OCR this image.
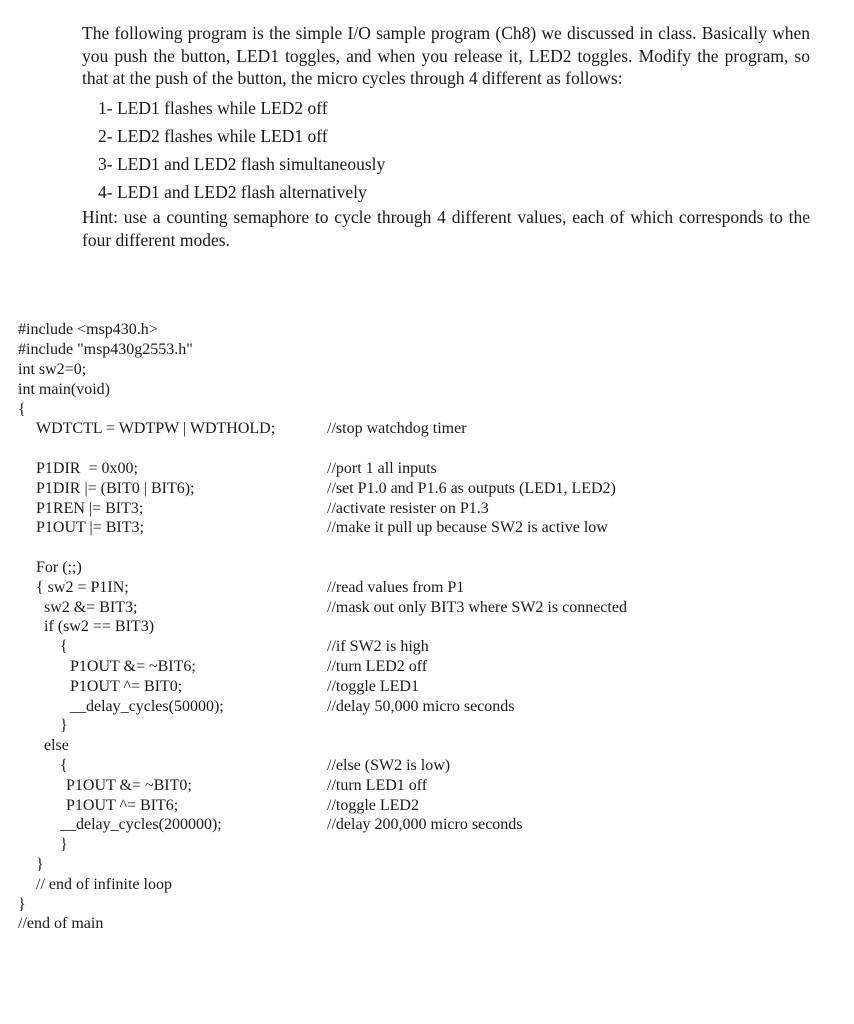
The following program is the simple I/O sample program (Ch8) we discussed in class. Basically when you push the button, LED1 toggles, and when you release it, LED2 toggles. Modify the program, so that at the push of the button, the micro cycles through 4 different as follows:

1- LED1 flashes while LED2 off
2- LED2 flashes while LED1 off
3- LED1 and LED2 flash simultaneously
4- LED1 and LED2 flash alternatively

Hint: use a counting semaphore to cycle through 4 different values, each of which corresponds to the four different modes.

#include <msp430.h>
#include "msp430g2553.h"
int sw2=0;
int main(void)
{
WDTCTL = WDTPW | WDTHOLD;	//stop watchdog timer
P1DIR  = 0x00;	//port 1 all inputs
P1DIR |= (BIT0 | BIT6);	//set P1.0 and P1.6 as outputs (LED1, LED2)
P1REN |= BIT3;	//activate resister on P1.3
P1OUT |= BIT3;	//make it pull up because SW2 is active low
For (;;)
{ sw2 = P1IN;	//read values from P1
sw2 &= BIT3;	//mask out only BIT3 where SW2 is connected
if (sw2 == BIT3)
{	//if SW2 is high
P1OUT &= ~BIT6;	//turn LED2 off
P1OUT ^= BIT0;	//toggle LED1
__delay_cycles(50000);	//delay 50,000 micro seconds
}
else
{	//else (SW2 is low)
P1OUT &= ~BIT0;	//turn LED1 off
P1OUT ^= BIT6;	//toggle LED2
__delay_cycles(200000);	//delay 200,000 micro seconds
}
}
// end of infinite loop
}
//end of main
